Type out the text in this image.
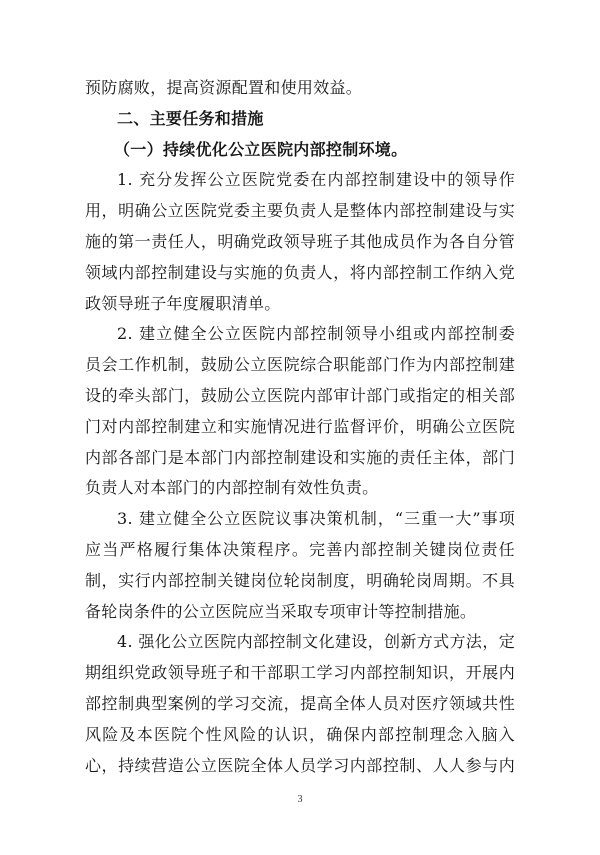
预防腐败，提高资源配置和使用效益。
二、主要任务和措施
（一）持续优化公立医院内部控制环境。
1. 充分发挥公立医院党委在内部控制建设中的领导作
用，明确公立医院党委主要负责人是整体内部控制建设与实
施的第一责任人，明确党政领导班子其他成员作为各自分管
领域内部控制建设与实施的负责人，将内部控制工作纳入党
政领导班子年度履职清单。
2. 建立健全公立医院内部控制领导小组或内部控制委
员会工作机制，鼓励公立医院综合职能部门作为内部控制建
设的牵头部门，鼓励公立医院内部审计部门或指定的相关部
门对内部控制建立和实施情况进行监督评价，明确公立医院
内部各部门是本部门内部控制建设和实施的责任主体，部门
负责人对本部门的内部控制有效性负责。
3. 建立健全公立医院议事决策机制，“三重一大”事项
应当严格履行集体决策程序。完善内部控制关键岗位责任
制，实行内部控制关键岗位轮岗制度，明确轮岗周期。不具
备轮岗条件的公立医院应当采取专项审计等控制措施。
4. 强化公立医院内部控制文化建设，创新方式方法，定
期组织党政领导班子和干部职工学习内部控制知识，开展内
部控制典型案例的学习交流，提高全体人员对医疗领域共性
风险及本医院个性风险的认识，确保内部控制理念入脑入
心，持续营造公立医院全体人员学习内部控制、人人参与内
3
